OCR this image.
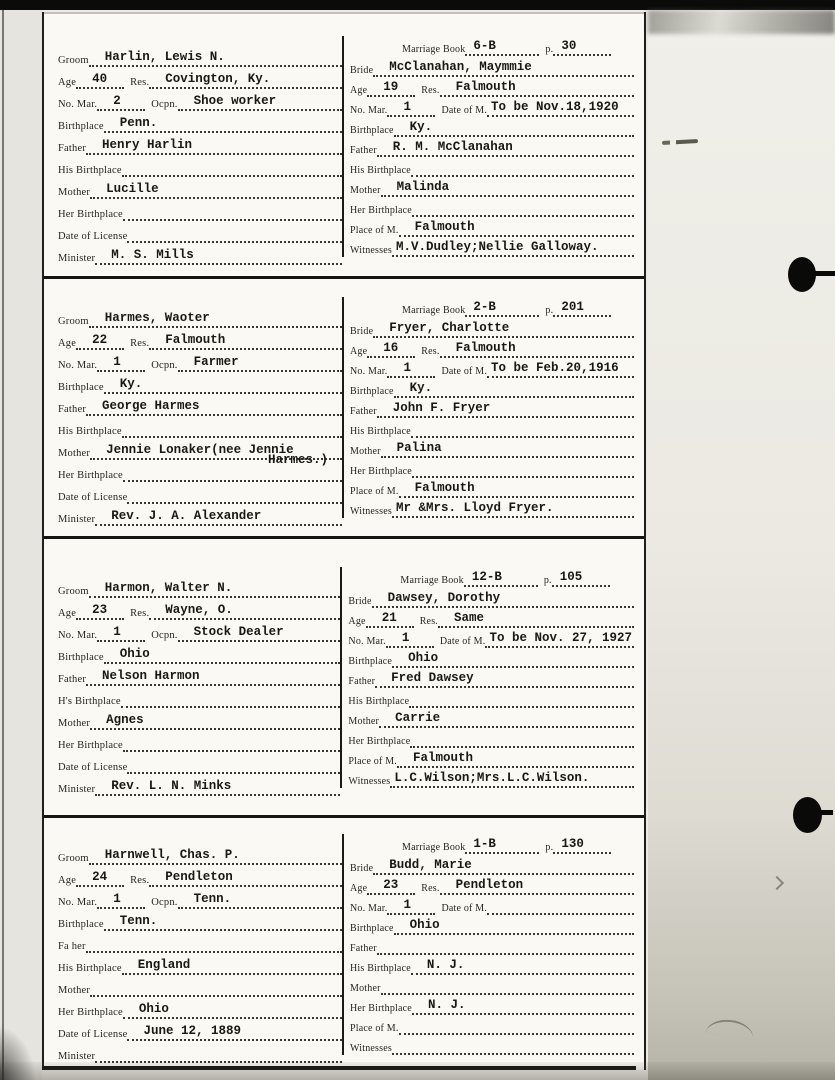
Groom	Harlin, Lewis N.
Age	40	Res.	Covington, Ky.
No. Mar.	2	Ocpn.	Shoe worker
Birthplace	Penn.
Father	Henry Harlin
His Birthplace
Mother	Lucille
Her Birthplace
Date of License
Minister	M. S. Mills
Marriage Book 6-B	p. 30
Bride	McClanahan, Maymmie
Age	19	Res.	Falmouth
No. Mar.	1	Date of M. To be Nov.18,1920
Birthplace	Ky.
Father	R. M. McClanahan
His Birthplace
Mother	Malinda
Her Birthplace
Place of M.	Falmouth
Witnesses M.V.Dudley;Nellie Galloway.
Groom	Harmes, Waoter
Age	22	Res.	Falmouth
No. Mar.	1	Ocpn.	Farmer
Birthplace	Ky.
Father	George Harmes
His Birthplace
Mother	Jennie Lonaker(nee Jennie
Harmes.)
Her Birthplace
Date of License
Minister	Rev. J. A. Alexander
Marriage Book 2-B	p. 201
Bride	Fryer, Charlotte
Age	16	Res.	Falmouth
No. Mar.	1	Date of M. To be Feb.20,1916
Birthplace	Ky.
Father	John F. Fryer
His Birthplace
Mother	Palina
Her Birthplace
Place of M.	Falmouth
Witnesses Mr &Mrs. Lloyd Fryer.
Groom	Harmon, Walter N.
Age	23	Res.	Wayne, O.
No. Mar.	1	Ocpn.	Stock Dealer
Birthplace	Ohio
Father	Nelson Harmon
H's Birthplace
Mother	Agnes
Her Birthplace
Date of License
Minister	Rev. L. N. Minks
Marriage Book 12-B	p. 105
Bride	Dawsey, Dorothy
Age	21	Res.	Same
No. Mar.	1	Date of M. To be Nov. 27, 1927
Birthplace	Ohio
Father	Fred Dawsey
His Birthplace
Mother	Carrie
Her Birthplace
Place of M.	Falmouth
Witnesses L.C.Wilson;Mrs.L.C.Wilson.
Groom	Harnwell, Chas. P.
Age	24	Res.	Pendleton
No. Mar.	1	Ocpn.	Tenn.
Birthplace	Tenn.
Fa her
His Birthplace	England
Mother
Her Birthplace	Ohio
Date of License	June 12, 1889
Minister
Marriage Book 1-B	p. 130
Bride	Budd, Marie
Age	23	Res.	Pendleton
No. Mar.	1	Date of M.
Birthplace	Ohio
Father
His Birthplace	N. J.
Mother
Her Birthplace	N. J.
Place of M.
Witnesses
